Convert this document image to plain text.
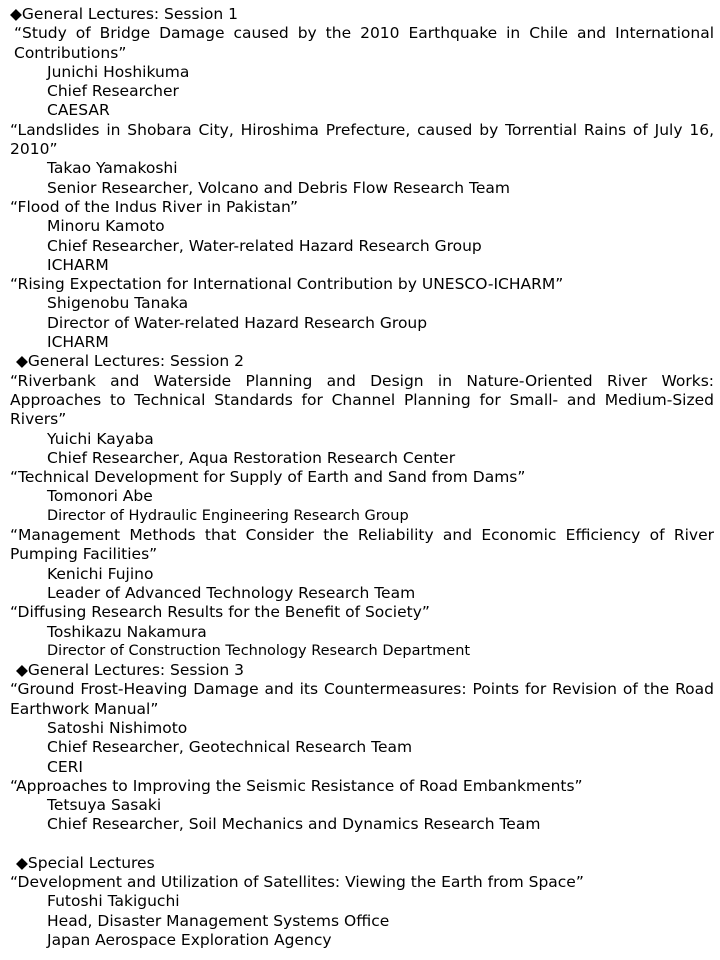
◆General Lectures: Session 1
“Study of Bridge Damage caused by the 2010 Earthquake in Chile and International Contributions”
Junichi Hoshikuma
Chief Researcher
CAESAR
“Landslides in Shobara City, Hiroshima Prefecture, caused by Torrential Rains of July 16, 2010”
Takao Yamakoshi
Senior Researcher, Volcano and Debris Flow Research Team
“Flood of the Indus River in Pakistan”
Minoru Kamoto
Chief Researcher, Water-related Hazard Research Group
ICHARM
“Rising Expectation for International Contribution by UNESCO-ICHARM”
Shigenobu Tanaka
Director of Water-related Hazard Research Group
ICHARM
◆General Lectures: Session 2
“Riverbank and Waterside Planning and Design in Nature-Oriented River Works: Approaches to Technical Standards for Channel Planning for Small- and Medium-Sized Rivers”
Yuichi Kayaba
Chief Researcher, Aqua Restoration Research Center
“Technical Development for Supply of Earth and Sand from Dams”
Tomonori Abe
Director of Hydraulic Engineering Research Group
“Management Methods that Consider the Reliability and Economic Efficiency of River Pumping Facilities”
Kenichi Fujino
Leader of Advanced Technology Research Team
“Diffusing Research Results for the Benefit of Society”
Toshikazu Nakamura
Director of Construction Technology Research Department
◆General Lectures: Session 3
“Ground Frost-Heaving Damage and its Countermeasures: Points for Revision of the Road Earthwork Manual”
Satoshi Nishimoto
Chief Researcher, Geotechnical Research Team
CERI
“Approaches to Improving the Seismic Resistance of Road Embankments”
Tetsuya Sasaki
Chief Researcher, Soil Mechanics and Dynamics Research Team
◆Special Lectures
“Development and Utilization of Satellites: Viewing the Earth from Space”
Futoshi Takiguchi
Head, Disaster Management Systems Office
Japan Aerospace Exploration Agency
